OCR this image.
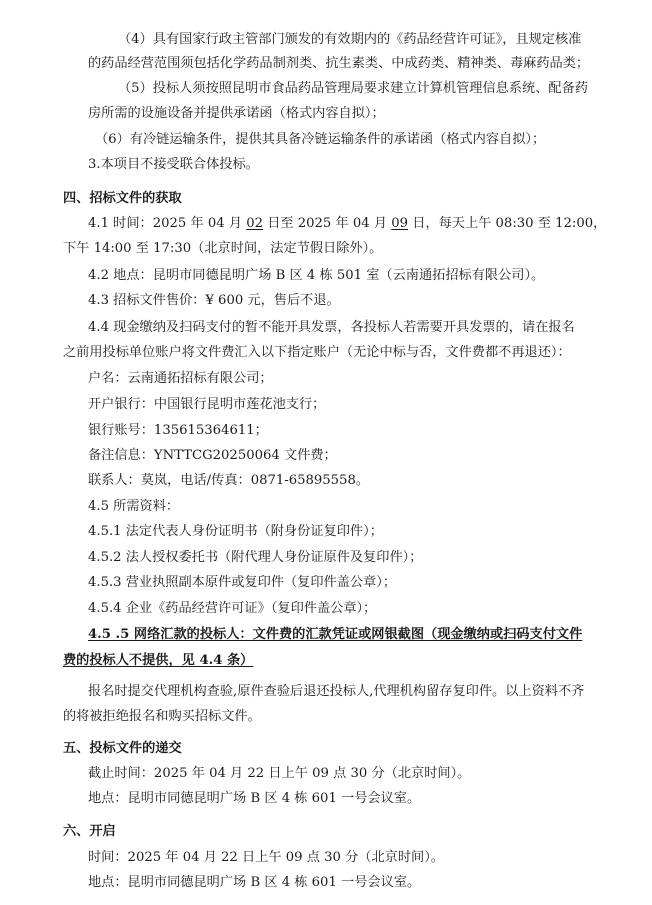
（4）具有国家行政主管部门颁发的有效期内的《药品经营许可证》，且规定核准
的药品经营范围须包括化学药品制剂类、抗生素类、中成药类、精神类、毒麻药品类；
（5）投标人须按照昆明市食品药品管理局要求建立计算机管理信息系统、配备药
房所需的设施设备并提供承诺函（格式内容自拟）；
（6）有冷链运输条件，提供其具备冷链运输条件的承诺函（格式内容自拟）；
3.本项目不接受联合体投标。
四、招标文件的获取
4.1 时间：2025 年 04 月 02 日至 2025 年 04 月 09 日，每天上午 08:30 至 12:00，
下午 14:00 至 17:30（北京时间，法定节假日除外）。
4.2 地点：昆明市同德昆明广场 B 区 4 栋 501 室（云南通拓招标有限公司）。
4.3 招标文件售价：¥ 600 元，售后不退。
4.4 现金缴纳及扫码支付的暂不能开具发票，各投标人若需要开具发票的，请在报名
之前用投标单位账户将文件费汇入以下指定账户（无论中标与否，文件费都不再退还）：
户名：云南通拓招标有限公司；
开户银行：中国银行昆明市莲花池支行；
银行账号：135615364611；
备注信息：YNTTCG20250064 文件费；
联系人：莫岚，电话/传真：0871-65895558。
4.5 所需资料：
4.5.1 法定代表人身份证明书（附身份证复印件）；
4.5.2 法人授权委托书（附代理人身份证原件及复印件）；
4.5.3 营业执照副本原件或复印件（复印件盖公章）；
4.5.4 企业《药品经营许可证》（复印件盖公章）；
4.5 .5 网络汇款的投标人：文件费的汇款凭证或网银截图（现金缴纳或扫码支付文件
费的投标人不提供，见 4.4 条）
报名时提交代理机构查验,原件查验后退还投标人,代理机构留存复印件。以上资料不齐
的将被拒绝报名和购买招标文件。
五、投标文件的递交
截止时间：2025 年 04 月 22 日上午 09 点 30 分（北京时间）。
地点：昆明市同德昆明广场 B 区 4 栋 601 一号会议室。
六、开启
时间：2025 年 04 月 22 日上午 09 点 30 分（北京时间）。
地点：昆明市同德昆明广场 B 区 4 栋 601 一号会议室。
